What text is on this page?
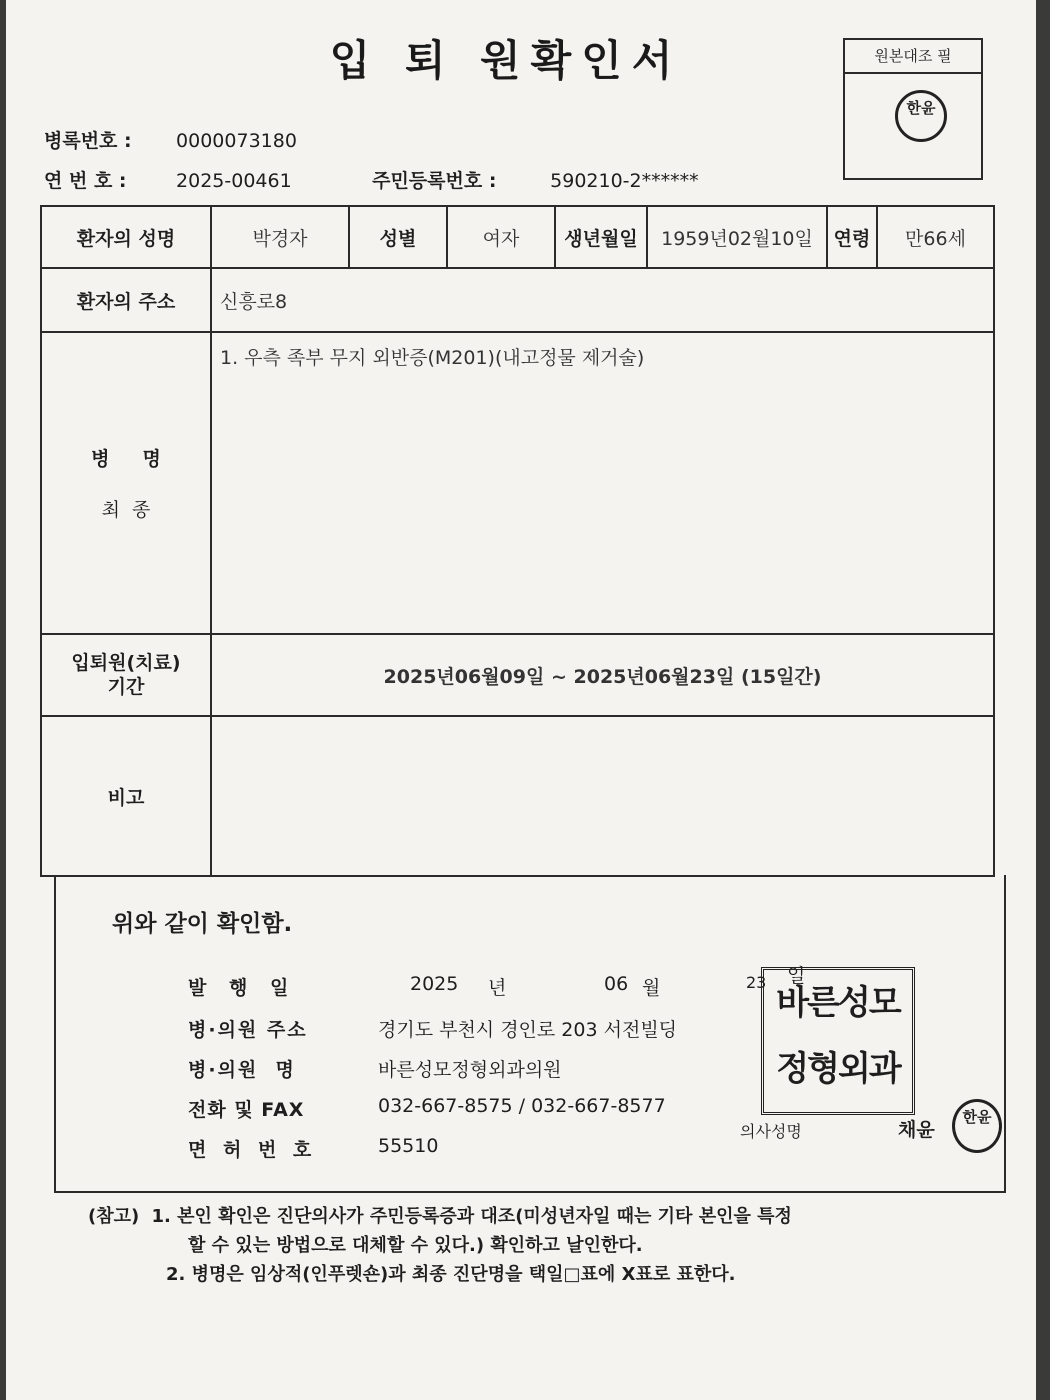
입 퇴 원확인서	원본대조 필
한윤
병록번호 : 0000073180
연 번 호 :	2025-00461	주민등록번호 :	590210-2******
환자의 성명	박경자	성별	여자	생년월일	1959년02월10일	연령	만66세
환자의 주소	신흥로8						

병     명
최  종	1. 우측 족부 무지 외반증(M201)(내고정물 제거술)						

입퇴원(치료)
기간	2025년06월09일 ~ 2025년06월23일 (15일간)						
비고							
위와 같이 확인함.
발 행 일	2025 년	06 월	23 일
병·의원 주소	경기도 부천시 경인로 203 서전빌딩
병·의원  명	바른성모정형외과의원
전화 및 FAX	032-667-8575 / 032-667-8577
면 허 번 호	55510
바른성모
정형외과
의사성명	채윤
한윤
(참고) 1. 본인 확인은 진단의사가 주민등록증과 대조(미성년자일 때는 기타 본인을 특정
할 수 있는 방법으로 대체할 수 있다.) 확인하고 날인한다.
2. 병명은 임상적(인푸렛숀)과 최종 진단명을 택일□표에 X표로 표한다.
